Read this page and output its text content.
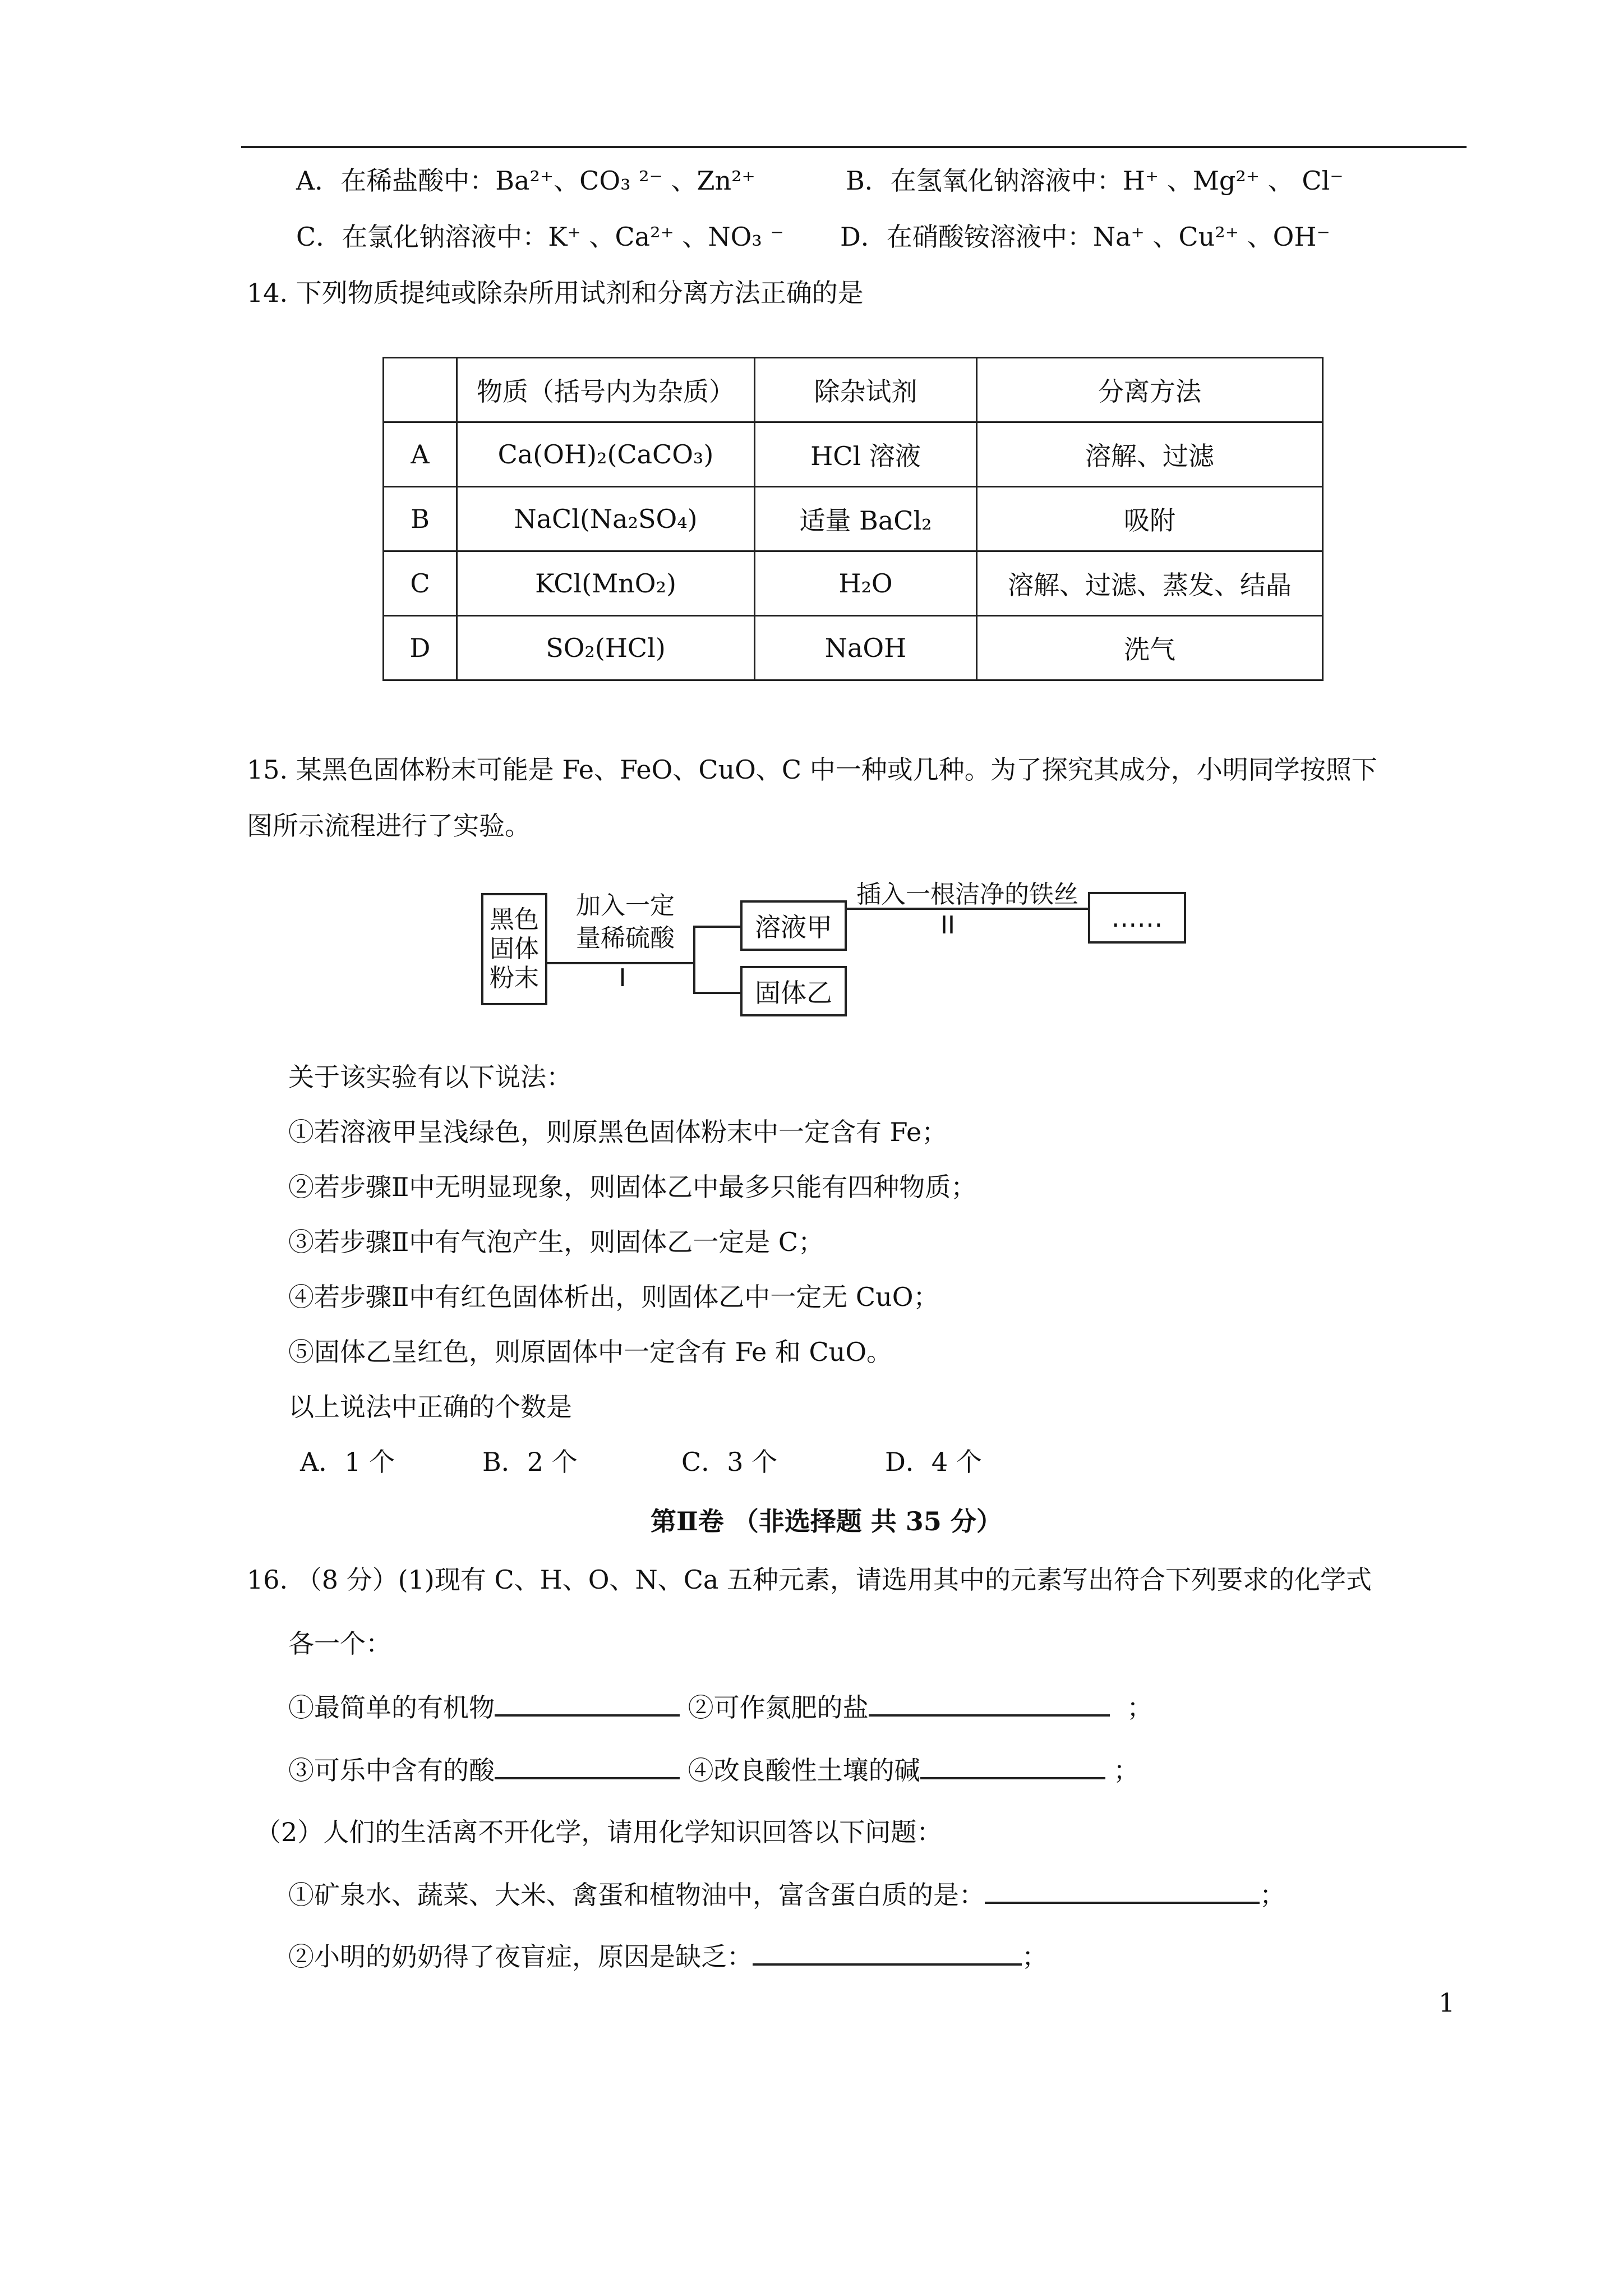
A．在稀盐酸中：Ba²⁺、CO₃ ²⁻ 、Zn²⁺	B．在氢氧化钠溶液中：H⁺ 、Mg²⁺ 、 Cl⁻
C．在氯化钠溶液中：K⁺ 、Ca²⁺ 、NO₃ ⁻ D．在硝酸铵溶液中：Na⁺ 、Cu²⁺ 、OH⁻
14. 下列物质提纯或除杂所用试剂和分离方法正确的是
	物质（括号内为杂质）	除杂试剂	分离方法
A	Ca(OH)₂(CaCO₃)	HCl 溶液	溶解、过滤
B	NaCl(Na₂SO₄)	适量 BaCl₂	吸附
C	KCl(MnO₂)	H₂O	溶解、过滤、蒸发、结晶
D	SO₂(HCl)	NaOH	洗气
15. 某黑色固体粉末可能是 Fe、FeO、CuO、C 中一种或几种。为了探究其成分，小明同学按照下
图所示流程进行了实验。
黑色
固体
粉末
加入一定
量稀硫酸
I
溶液甲
固体乙
插入一根洁净的铁丝
II	……
关于该实验有以下说法：
①若溶液甲呈浅绿色，则原黑色固体粉末中一定含有 Fe；
②若步骤Ⅱ中无明显现象，则固体乙中最多只能有四种物质；
③若步骤Ⅱ中有气泡产生，则固体乙一定是 C；
④若步骤Ⅱ中有红色固体析出，则固体乙中一定无 CuO；
⑤固体乙呈红色，则原固体中一定含有 Fe 和 CuO。
以上说法中正确的个数是
A．1 个	B．2 个	C．3 个	D．4 个
第Ⅱ卷 （非选择题 共 35 分）
16. （8 分）(1)现有 C、H、O、N、Ca 五种元素，请选用其中的元素写出符合下列要求的化学式
各一个：
①最简单的有机物	②可作氮肥的盐	；
③可乐中含有的酸	④改良酸性土壤的碱	；
（2）人们的生活离不开化学，请用化学知识回答以下问题：
①矿泉水、蔬菜、大米、禽蛋和植物油中，富含蛋白质的是：	；
②小明的奶奶得了夜盲症，原因是缺乏：	；
1
